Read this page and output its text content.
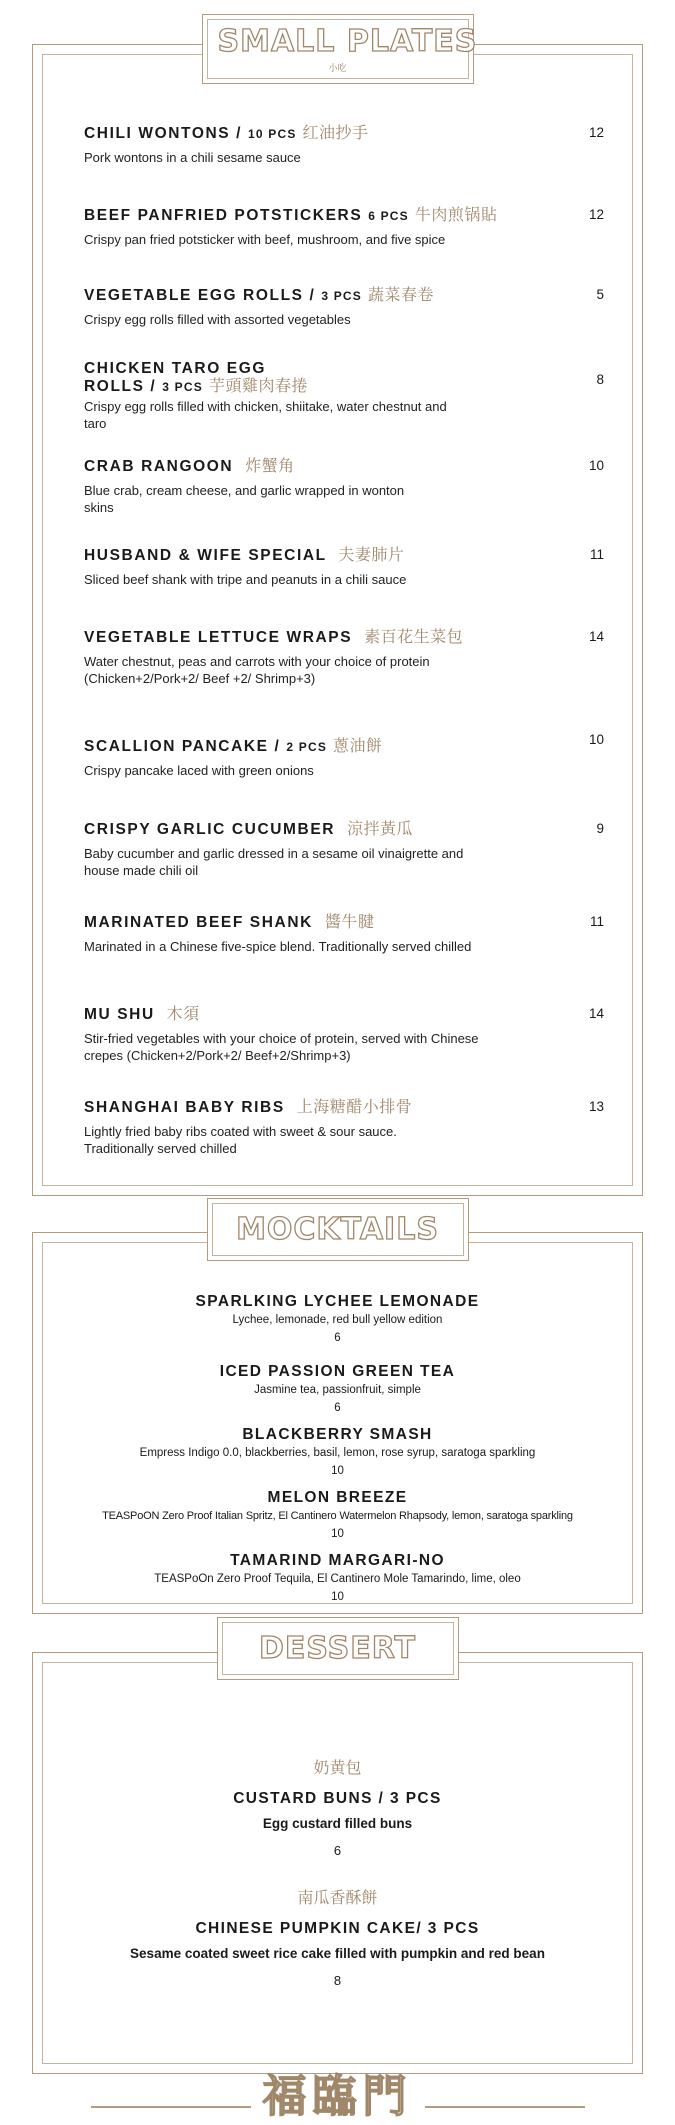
SMALL PLATES
小吃
CHILI WONTONS / 10 PCS 红油抄手
Pork wontons in a chili sesame sauce
12
BEEF PANFRIED POTSTICKERS 6 PCS 牛肉煎锅貼
Crispy pan fried potsticker with beef, mushroom, and five spice
12
VEGETABLE EGG ROLLS / 3 PCS 蔬菜春卷
Crispy egg rolls filled with assorted vegetables
5
CHICKEN TARO EGG ROLLS / 3 PCS 芋頭雞肉春捲
Crispy egg rolls filled with chicken, shiitake, water chestnut and taro
8
CRAB RANGOON 炸蟹角
Blue crab, cream cheese, and garlic wrapped in wonton skins
10
HUSBAND & WIFE SPECIAL 夫妻肺片
Sliced beef shank with tripe and peanuts in a chili sauce
11
VEGETABLE LETTUCE WRAPS 素百花生菜包
Water chestnut, peas and carrots with your choice of protein (Chicken+2/Pork+2/ Beef +2/ Shrimp+3)
14
SCALLION PANCAKE / 2 PCS 蔥油餅
Crispy pancake laced with green onions
10
CRISPY GARLIC CUCUMBER 涼拌黃瓜
Baby cucumber and garlic dressed in a sesame oil vinaigrette and house made chili oil
9
MARINATED BEEF SHANK 醬牛腱
Marinated in a Chinese five-spice blend. Traditionally served chilled
11
MU SHU 木須
Stir-fried vegetables with your choice of protein, served with Chinese crepes (Chicken+2/Pork+2/ Beef+2/Shrimp+3)
14
SHANGHAI BABY RIBS 上海糖醋小排骨
Lightly fried baby ribs coated with sweet & sour sauce. Traditionally served chilled
13
MOCKTAILS
SPARLKING LYCHEE LEMONADE
Lychee, lemonade, red bull yellow edition
6
ICED PASSION GREEN TEA
Jasmine tea, passionfruit, simple
6
BLACKBERRY SMASH
Empress Indigo 0.0, blackberries, basil, lemon, rose syrup, saratoga sparkling
10
MELON BREEZE
TEASPoON Zero Proof Italian Spritz, El Cantinero Watermelon Rhapsody, lemon, saratoga sparkling
10
TAMARIND MARGARI-NO
TEASPoOn Zero Proof Tequila, El Cantinero Mole Tamarindo, lime, oleo
10
DESSERT
奶黄包
CUSTARD BUNS / 3 PCS
Egg custard filled buns
6
南瓜香酥餅
CHINESE PUMPKIN CAKE/ 3 PCS
Sesame coated sweet rice cake filled with pumpkin and red bean
8
福臨門
